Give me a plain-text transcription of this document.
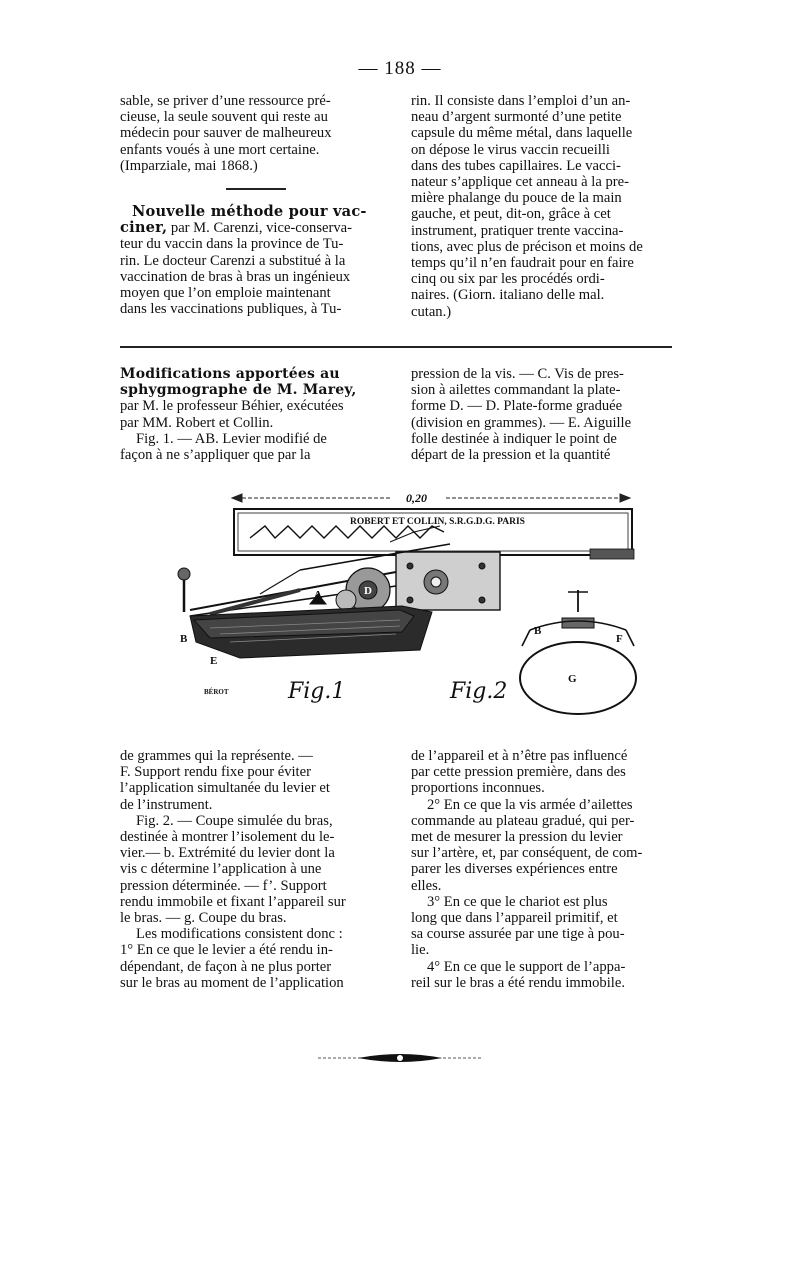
— 188 —

sable, se priver d’une ressource pré-

cieuse, la seule souvent qui reste au

médecin pour sauver de malheureux

enfants voués à une mort certaine.

(Imparziale, mai 1868.)

Nouvelle méthode pour vac-

ciner, par M. Carenzi, vice-conserva-

teur du vaccin dans la province de Tu-

rin. Le docteur Carenzi a substitué à la

vaccination de bras à bras un ingénieux

moyen que l’on emploie maintenant

dans les vaccinations publiques, à Tu-

rin. Il consiste dans l’emploi d’un an-

neau d’argent surmonté d’une petite

capsule du même métal, dans laquelle

on dépose le virus vaccin recueilli

dans des tubes capillaires. Le vacci-

nateur s’applique cet anneau à la pre-

mière phalange du pouce de la main

gauche, et peut, dit-on, grâce à cet

instrument, pratiquer trente vaccina-

tions, avec plus de précison et moins de

temps qu’il n’en faudrait pour en faire

cinq ou six par les procédés ordi-

naires. (Giorn. italiano delle mal.

cutan.)

Modifications apportées au

sphygmographe de M. Marey,

par M. le professeur Béhier, exécutées

par MM. Robert et Collin.

Fig. 1. — AB. Levier modifié de

façon à ne s’appliquer que par la

pression de la vis. — C. Vis de pres-

sion à ailettes commandant la plate-

forme D. — D. Plate-forme graduée

(division en grammes). — E. Aiguille

folle destinée à indiquer le point de

départ de la pression et la quantité

0,20
ROBERT ET COLLIN, S.R.G.D.G. PARIS
A	D
B
E
B
F
G
BÉROT	Fig.1	Fig.2

de grammes qui la représente. —

F. Support rendu fixe pour éviter

l’application simultanée du levier et

de l’instrument.

Fig. 2. — Coupe simulée du bras,

destinée à montrer l’isolement du le-

vier.— b. Extrémité du levier dont la

vis c détermine l’application à une

pression déterminée. — f’. Support

rendu immobile et fixant l’appareil sur

le bras. — g. Coupe du bras.

Les modifications consistent donc :

1° En ce que le levier a été rendu in-

dépendant, de façon à ne plus porter

sur le bras au moment de l’application

de l’appareil et à n’être pas influencé

par cette pression première, dans des

proportions inconnues.

2° En ce que la vis armée d’ailettes

commande au plateau gradué, qui per-

met de mesurer la pression du levier

sur l’artère, et, par conséquent, de com-

parer les diverses expériences entre

elles.

3° En ce que le chariot est plus

long que dans l’appareil primitif, et

sa course assurée par une tige à pou-

lie.

4° En ce que le support de l’appa-

reil sur le bras a été rendu immobile.
